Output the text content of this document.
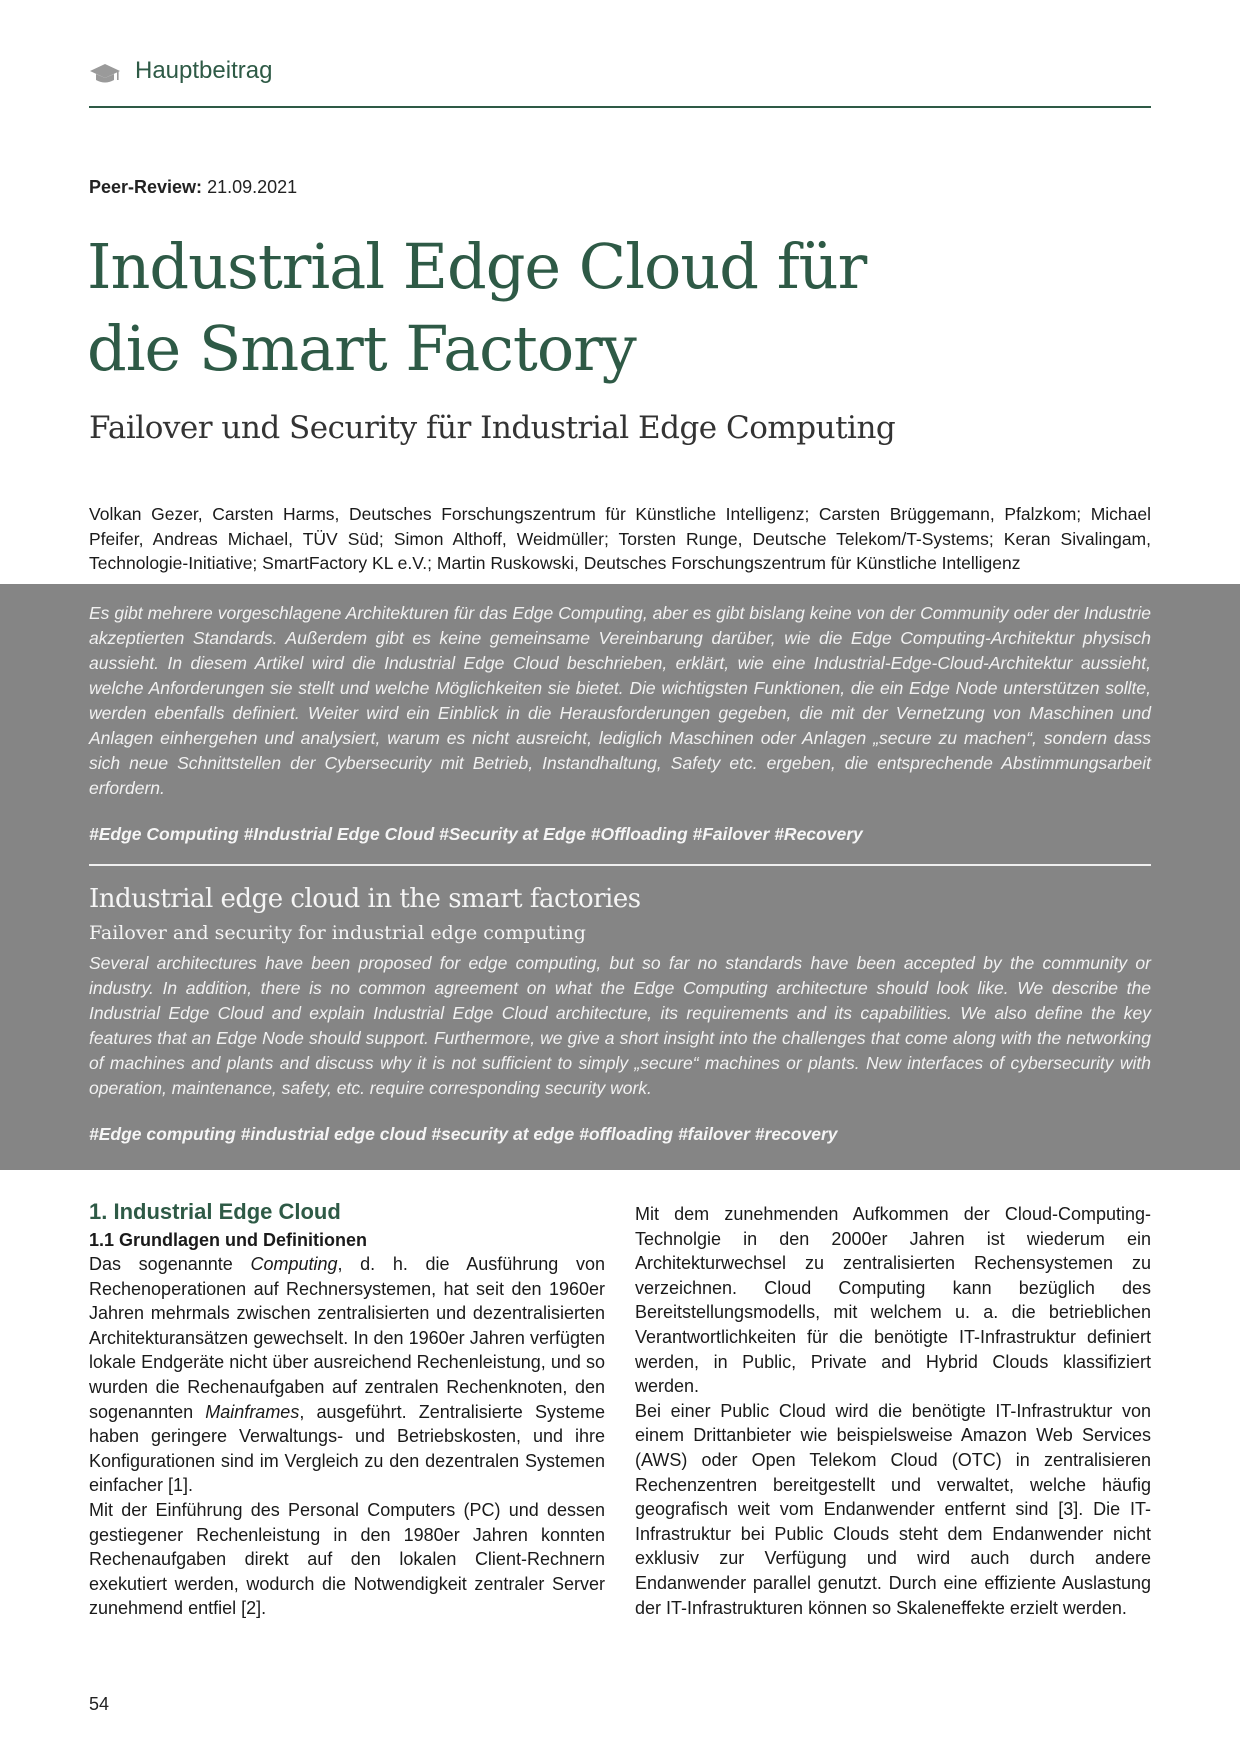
Hauptbeitrag
Peer-Review: 21.09.2021
Industrial Edge Cloud für
die Smart Factory
Failover und Security für Industrial Edge Computing
Volkan Gezer, Carsten Harms, Deutsches Forschungszentrum für Künstliche Intelligenz; Carsten Brüggemann, Pfalzkom; Michael Pfeifer, Andreas Michael, TÜV Süd; Simon Althoff, Weidmüller; Torsten Runge, Deutsche Telekom/T-Systems; Keran Sivalingam, Technologie-Initiative; SmartFactory KL e.V.; Martin Ruskowski, Deutsches Forschungszentrum für Künstliche Intelligenz
Es gibt mehrere vorgeschlagene Architekturen für das Edge Computing, aber es gibt bislang keine von der Community oder der Industrie akzeptierten Standards. Außerdem gibt es keine gemeinsame Vereinbarung darüber, wie die Edge Computing-Architektur physisch aussieht. In diesem Artikel wird die Industrial Edge Cloud beschrieben, erklärt, wie eine Industrial-Edge-Cloud-Architektur aussieht, welche Anforderungen sie stellt und welche Möglichkeiten sie bietet. Die wichtigsten Funktionen, die ein Edge Node unterstützen sollte, werden ebenfalls definiert. Weiter wird ein Einblick in die Herausforderungen gegeben, die mit der Vernetzung von Maschinen und Anlagen einhergehen und analysiert, warum es nicht ausreicht, lediglich Maschinen oder Anlagen „secure zu machen“, sondern dass sich neue Schnittstellen der Cybersecurity mit Betrieb, Instandhaltung, Safety etc. ergeben, die entsprechende Abstimmungsarbeit erfordern.
#Edge Computing #Industrial Edge Cloud #Security at Edge #Offloading #Failover #Recovery
Industrial edge cloud in the smart factories
Failover and security for industrial edge computing
Several architectures have been proposed for edge computing, but so far no standards have been accepted by the community or industry. In addition, there is no common agreement on what the Edge Computing architecture should look like. We describe the Industrial Edge Cloud and explain Industrial Edge Cloud architecture, its requirements and its capabilities. We also define the key features that an Edge Node should support. Furthermore, we give a short insight into the challenges that come along with the networking of machines and plants and discuss why it is not sufficient to simply „secure“ machines or plants. New interfaces of cybersecurity with operation, maintenance, safety, etc. require corresponding security work.
#Edge computing #industrial edge cloud #security at edge #offloading #failover #recovery
1. Industrial Edge Cloud
1.1 Grundlagen und Definitionen

Das sogenannte Computing, d. h. die Ausführung von Rechenoperationen auf Rechnersystemen, hat seit den 1960er Jahren mehrmals zwischen zentralisierten und dezentralisierten Architekturansätzen gewechselt. In den 1960er Jahren verfügten lokale Endgeräte nicht über ausreichend Rechenleistung, und so wurden die Rechenaufgaben auf zentralen Rechenknoten, den sogenannten Mainframes, ausgeführt. Zentralisierte Systeme haben geringere Verwaltungs- und Betriebskosten, und ihre Konfigurationen sind im Vergleich zu den dezentralen Systemen einfacher [1].

Mit der Einführung des Personal Computers (PC) und dessen gestiegener Rechenleistung in den 1980er Jahren konnten Rechenaufgaben direkt auf den lokalen Client-Rechnern exekutiert werden, wodurch die Notwendigkeit zentraler Server zunehmend entfiel [2].

Mit dem zunehmenden Aufkommen der Cloud-Computing-Technolgie in den 2000er Jahren ist wiederum ein Architekturwechsel zu zentralisierten Rechensystemen zu verzeichnen. Cloud Computing kann bezüglich des Bereitstellungsmodells, mit welchem u. a. die betrieblichen Verantwortlichkeiten für die benötigte IT-Infrastruktur definiert werden, in Public, Private and Hybrid Clouds klassifiziert werden.

Bei einer Public Cloud wird die benötigte IT-Infrastruktur von einem Drittanbieter wie beispielsweise Amazon Web Services (AWS) oder Open Telekom Cloud (OTC) in zentralisieren Rechenzentren bereitgestellt und verwaltet, welche häufig geografisch weit vom Endanwender entfernt sind [3]. Die IT-Infrastruktur bei Public Clouds steht dem Endanwender nicht exklusiv zur Verfügung und wird auch durch andere Endanwender parallel genutzt. Durch eine effiziente Auslastung der IT-Infrastrukturen können so Skaleneffekte erzielt werden.

54
